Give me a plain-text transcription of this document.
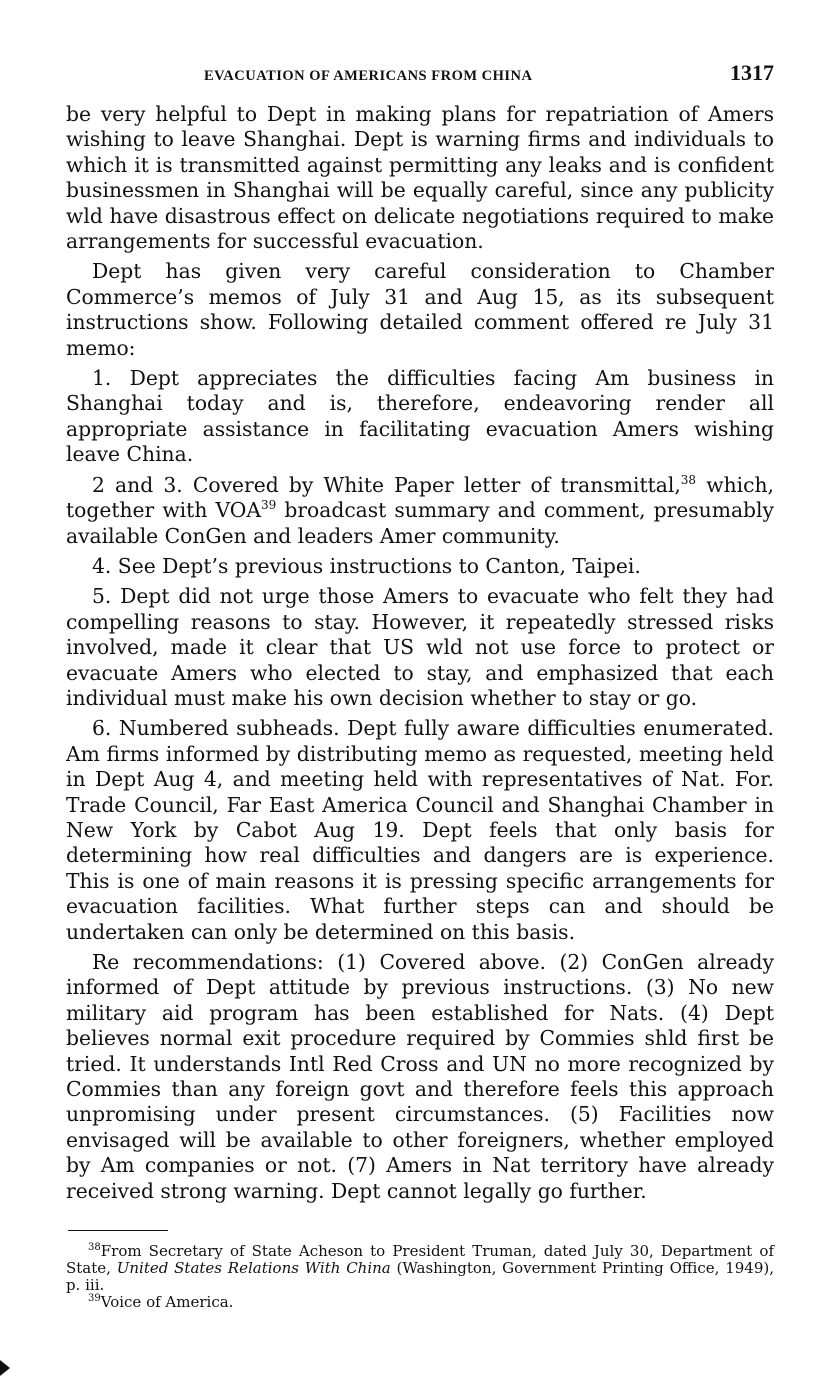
EVACUATION OF AMERICANS FROM CHINA	1317

be very helpful to Dept in making plans for repatriation of Amers wishing to leave Shanghai. Dept is warning firms and individuals to which it is transmitted against permitting any leaks and is confident businessmen in Shanghai will be equally careful, since any publicity wld have disastrous effect on delicate negotiations required to make arrangements for successful evacuation.

Dept has given very careful consideration to Chamber Commerce’s memos of July 31 and Aug 15, as its subsequent instructions show. Following detailed comment offered re July 31 memo:

1. Dept appreciates the difficulties facing Am business in Shanghai today and is, therefore, endeavoring render all appropriate assistance in facilitating evacuation Amers wishing leave China.

2 and 3. Covered by White Paper letter of transmittal,$^{38}$ which, together with VOA$^{39}$ broadcast summary and comment, presumably available ConGen and leaders Amer community.

4. See Dept’s previous instructions to Canton, Taipei.

5. Dept did not urge those Amers to evacuate who felt they had compelling reasons to stay. However, it repeatedly stressed risks involved, made it clear that US wld not use force to protect or evacuate Amers who elected to stay, and emphasized that each individual must make his own decision whether to stay or go.

6. Numbered subheads. Dept fully aware difficulties enumerated. Am firms informed by distributing memo as requested, meeting held in Dept Aug 4, and meeting held with representatives of Nat. For. Trade Council, Far East America Council and Shanghai Chamber in New York by Cabot Aug 19. Dept feels that only basis for determining how real difficulties and dangers are is experience. This is one of main reasons it is pressing specific arrangements for evacuation facilities. What further steps can and should be undertaken can only be determined on this basis.

Re recommendations: (1) Covered above. (2) ConGen already informed of Dept attitude by previous instructions. (3) No new military aid program has been established for Nats. (4) Dept believes normal exit procedure required by Commies shld first be tried. It understands Intl Red Cross and UN no more recognized by Commies than any foreign govt and therefore feels this approach unpromising under present circumstances. (5) Facilities now envisaged will be available to other foreigners, whether employed by Am companies or not. (7) Amers in Nat territory have already received strong warning. Dept cannot legally go further.

$^{38}$From Secretary of State Acheson to President Truman, dated July 30, Department of State, United States Relations With China (Washington, Government Printing Office, 1949), p. iii.

$^{39}$Voice of America.
